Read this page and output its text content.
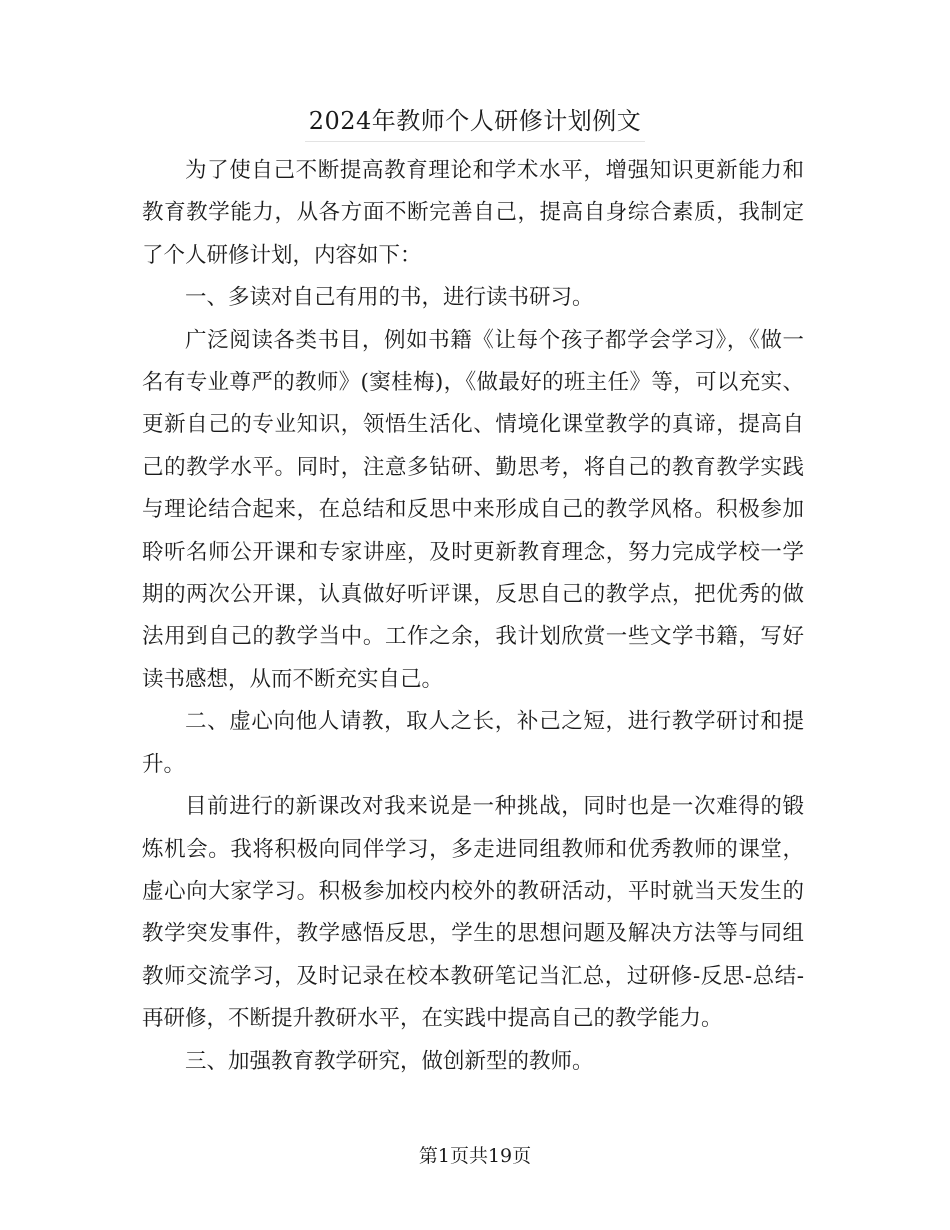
2024年教师个人研修计划例文

为了使自己不断提高教育理论和学术水平，增强知识更新能力和教育教学能力，从各方面不断完善自己，提高自身综合素质，我制定了个人研修计划，内容如下：

一、多读对自己有用的书，进行读书研习。

广泛阅读各类书目，例如书籍《让每个孩子都学会学习》，《做一名有专业尊严的教师》(窦桂梅)，《做最好的班主任》等，可以充实、更新自己的专业知识，领悟生活化、情境化课堂教学的真谛，提高自己的教学水平。同时，注意多钻研、勤思考，将自己的教育教学实践与理论结合起来，在总结和反思中来形成自己的教学风格。积极参加聆听名师公开课和专家讲座，及时更新教育理念，努力完成学校一学期的两次公开课，认真做好听评课，反思自己的教学点，把优秀的做法用到自己的教学当中。工作之余，我计划欣赏一些文学书籍，写好读书感想，从而不断充实自己。

二、虚心向他人请教，取人之长，补己之短，进行教学研讨和提升。

目前进行的新课改对我来说是一种挑战，同时也是一次难得的锻炼机会。我将积极向同伴学习，多走进同组教师和优秀教师的课堂，虚心向大家学习。积极参加校内校外的教研活动，平时就当天发生的教学突发事件，教学感悟反思，学生的思想问题及解决方法等与同组教师交流学习，及时记录在校本教研笔记当汇总，过研修-反思-总结-再研修，不断提升教研水平，在实践中提高自己的教学能力。

三、加强教育教学研究，做创新型的教师。

第1页共19页
